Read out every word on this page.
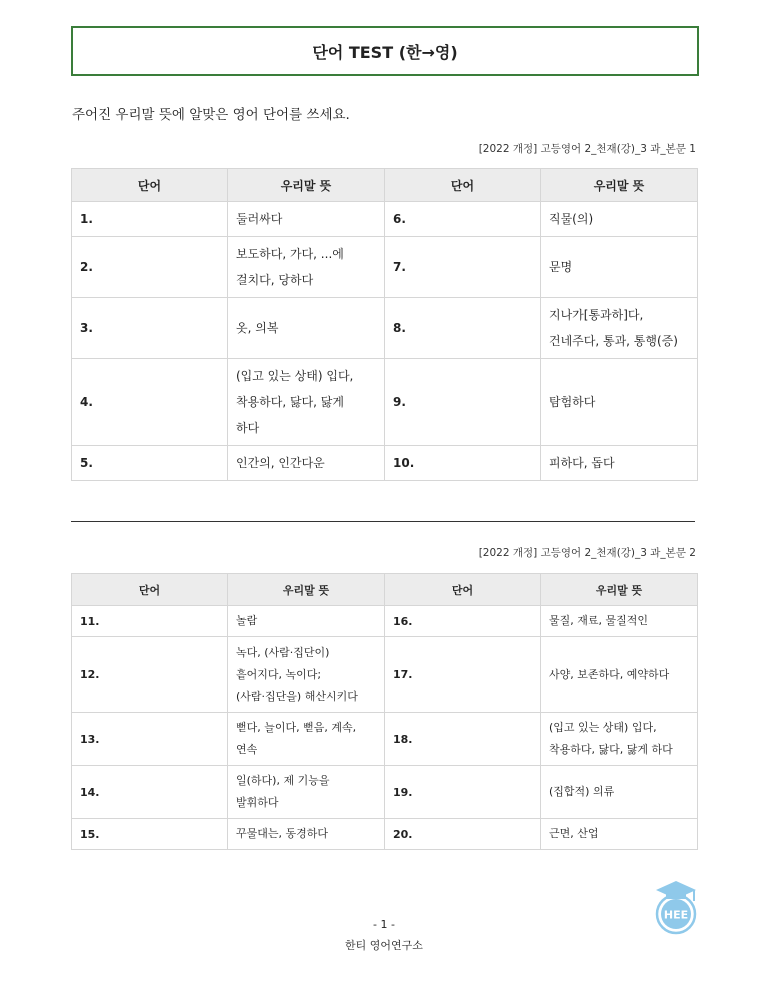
단어 TEST (한→영)
주어진 우리말 뜻에 알맞은 영어 단어를 쓰세요.
[2022 개정] 고등영어 2_천재(강)_3 과_본문 1
단어	우리말 뜻	단어	우리말 뜻
1.	둘러싸다	6.	직물(의)
2.	보도하다, 가다, ...에
걸치다, 당하다	7.	문명
3.	옷, 의복	8.	지나가[통과하]다,
건네주다, 통과, 통행(증)
4.	(입고 있는 상태) 입다,
착용하다, 닳다, 닳게
하다	9.	탐험하다
5.	인간의, 인간다운	10.	피하다, 돕다
[2022 개정] 고등영어 2_천재(강)_3 과_본문 2
단어	우리말 뜻	단어	우리말 뜻
11.	놀람	16.	물질, 재료, 물질적인
12.	녹다, (사람·집단이)
흩어지다, 녹이다;
(사람·집단을) 해산시키다	17.	사양, 보존하다, 예약하다
13.	뻗다, 늘이다, 뻗음, 계속,
연속	18.	(입고 있는 상태) 입다,
착용하다, 닳다, 닳게 하다
14.	일(하다), 제 기능을
발휘하다	19.	(집합적) 의류
15.	꾸물대는, 동경하다	20.	근면, 산업
HEE
- 1 -
한티 영어연구소
